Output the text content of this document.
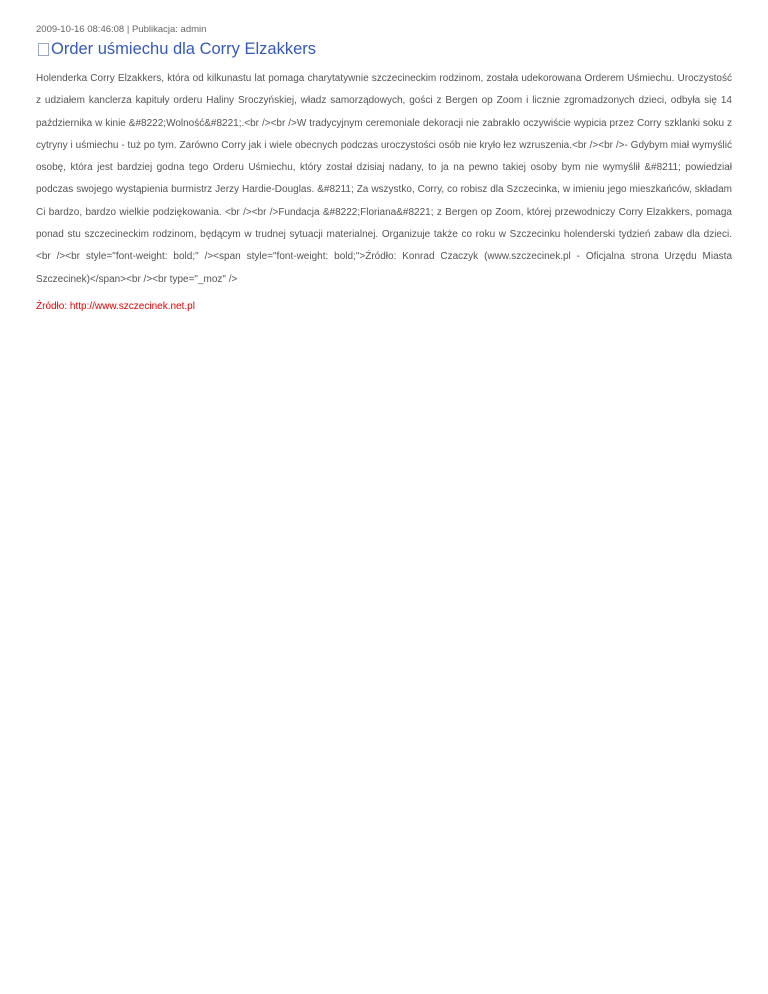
2009-10-16 08:46:08 | Publikacja: admin

Order uśmiechu dla Corry Elzakkers

Holenderka Corry Elzakkers, która od kilkunastu lat pomaga charytatywnie szczecineckim rodzinom, została udekorowana Orderem Uśmiechu. Uroczystość z udziałem kanclerza kapituły orderu Haliny Sroczyńskiej, władz samorządowych, gości z Bergen op Zoom i licznie zgromadzonych dzieci, odbyła się 14 października w kinie &#8222;Wolność&#8221;.<br /><br />W tradycyjnym ceremoniale dekoracji nie zabrakło oczywiście wypicia przez Corry szklanki soku z cytryny i uśmiechu - tuż po tym. Zarówno Corry jak i wiele obecnych podczas uroczystości osób nie kryło łez wzruszenia.<br /><br />- Gdybym miał wymyślić osobę, która jest bardziej godna tego Orderu Uśmiechu, który został dzisiaj nadany, to ja na pewno takiej osoby bym nie wymyślił &#8211; powiedział podczas swojego wystąpienia burmistrz Jerzy Hardie-Douglas. &#8211; Za wszystko, Corry, co robisz dla Szczecinka, w imieniu jego mieszkańców, składam Ci bardzo, bardzo wielkie podziękowania. <br /><br />Fundacja &#8222;Floriana&#8221; z Bergen op Zoom, której przewodniczy Corry Elzakkers, pomaga ponad stu szczecineckim rodzinom, będącym w trudnej sytuacji materialnej. Organizuje także co roku w Szczecinku holenderski tydzień zabaw dla dzieci. <br /><br style="font-weight: bold;" /><span style="font-weight: bold;">Źródło: Konrad Czaczyk (www.szczecinek.pl - Oficjalna strona Urzędu Miasta Szczecinek)</span><br /><br type="_moz" />

Źródło: http://www.szczecinek.net.pl
